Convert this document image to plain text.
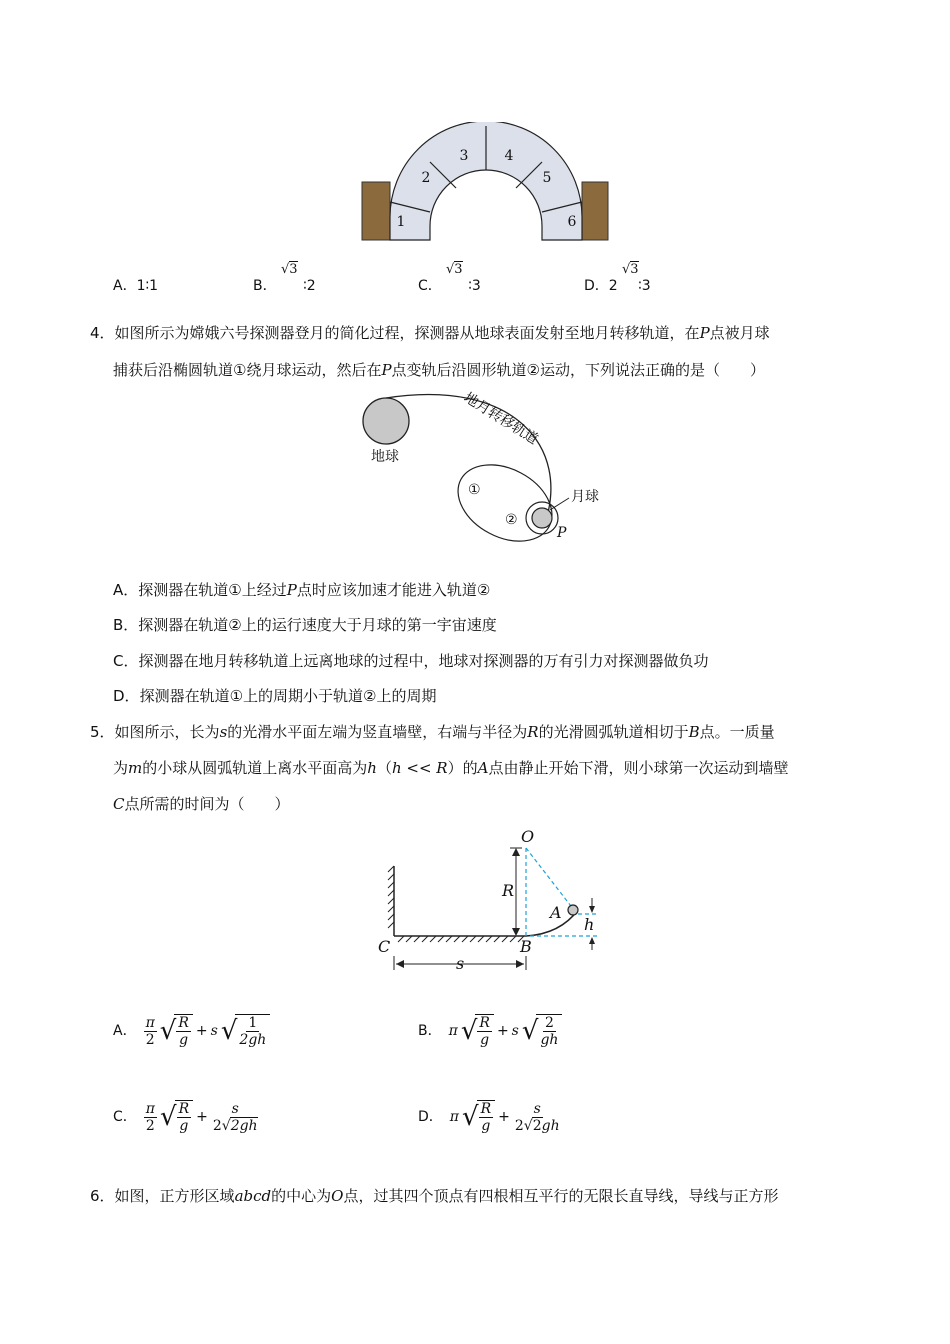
1
2
3	4
5
6
A．1∶1	B．
√3
∶2	C．
√3
∶3	D．2
√3
∶3
4．如图所示为嫦娥六号探测器登月的简化过程，探测器从地球表面发射至地月转移轨道，在P点被月球
捕获后沿椭圆轨道①绕月球运动，然后在P点变轨后沿圆形轨道②运动，下列说法正确的是（　　）
地球
地月转移轨道
月球
①
②
P
A．探测器在轨道①上经过P点时应该加速才能进入轨道②
B．探测器在轨道②上的运行速度大于月球的第一宇宙速度
C．探测器在地月转移轨道上远离地球的过程中，地球对探测器的万有引力对探测器做负功
D．探测器在轨道①上的周期小于轨道②上的周期
5．如图所示，长为s的光滑水平面左端为竖直墙壁，右端与半径为R的光滑圆弧轨道相切于B点。一质量
为m的小球从圆弧轨道上离水平面高为h（h << R）的A点由静止开始下滑，则小球第一次运动到墙壁
C点所需的时间为（　　）
O
R
A
h
C	B
s
A． $\frac{\pi}{2}$ √ $\frac{R}{g} + s$ √ $\frac{1}{2gh}$	B． π √ $\frac{R}{g} + s$ √ $\frac{2}{gh}$
C． $\frac{\pi}{2}$ √ $\frac{R}{g} + \frac{s}{2√2gh}$	D． π √ $\frac{R}{g} + \frac{s}{2√2gh}$
6．如图，正方形区域abcd的中心为O点，过其四个顶点有四根相互平行的无限长直导线，导线与正方形
